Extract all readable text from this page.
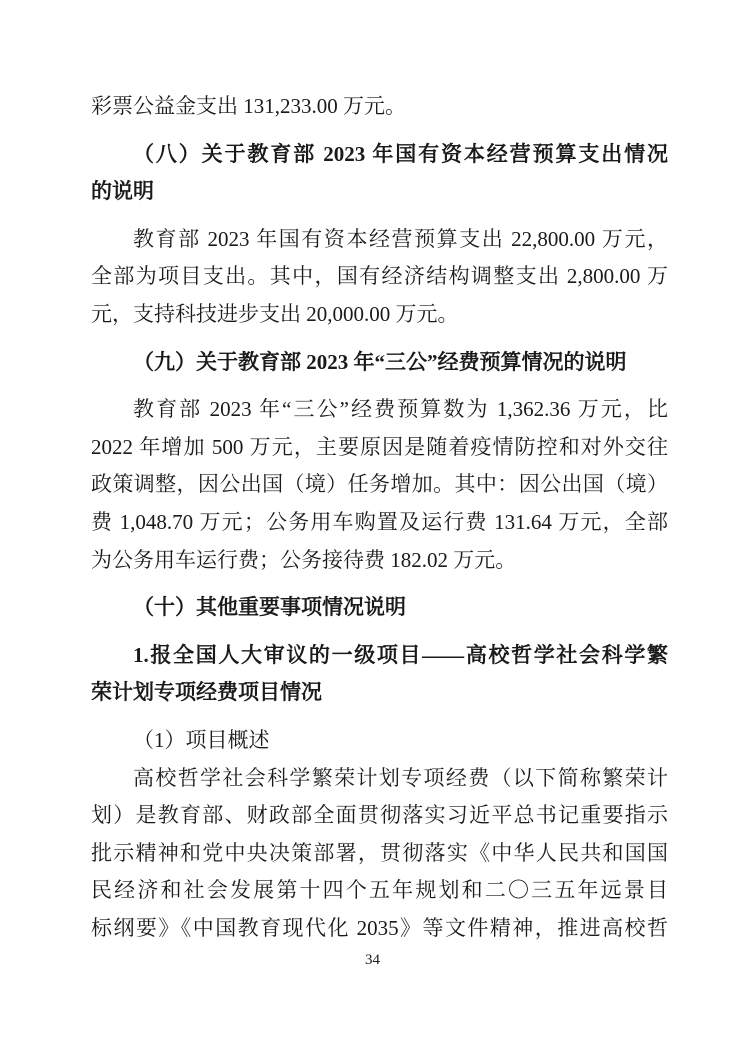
彩票公益金支出 131,233.00 万元。
（八）关于教育部 2023 年国有资本经营预算支出情况
的说明
教育部 2023 年国有资本经营预算支出 22,800.00 万元，
全部为项目支出。其中，国有经济结构调整支出 2,800.00 万
元，支持科技进步支出 20,000.00 万元。
（九）关于教育部 2023 年“三公”经费预算情况的说明
教育部 2023 年“三公”经费预算数为 1,362.36 万元，比
2022 年增加 500 万元，主要原因是随着疫情防控和对外交往
政策调整，因公出国（境）任务增加。其中：因公出国（境）
费 1,048.70 万元；公务用车购置及运行费 131.64 万元，全部
为公务用车运行费；公务接待费 182.02 万元。
（十）其他重要事项情况说明
1.报全国人大审议的一级项目——高校哲学社会科学繁
荣计划专项经费项目情况
（1）项目概述
高校哲学社会科学繁荣计划专项经费（以下简称繁荣计
划）是教育部、财政部全面贯彻落实习近平总书记重要指示
批示精神和党中央决策部署，贯彻落实《中华人民共和国国
民经济和社会发展第十四个五年规划和二〇三五年远景目
标纲要》《中国教育现代化 2035》等文件精神，推进高校哲
34
